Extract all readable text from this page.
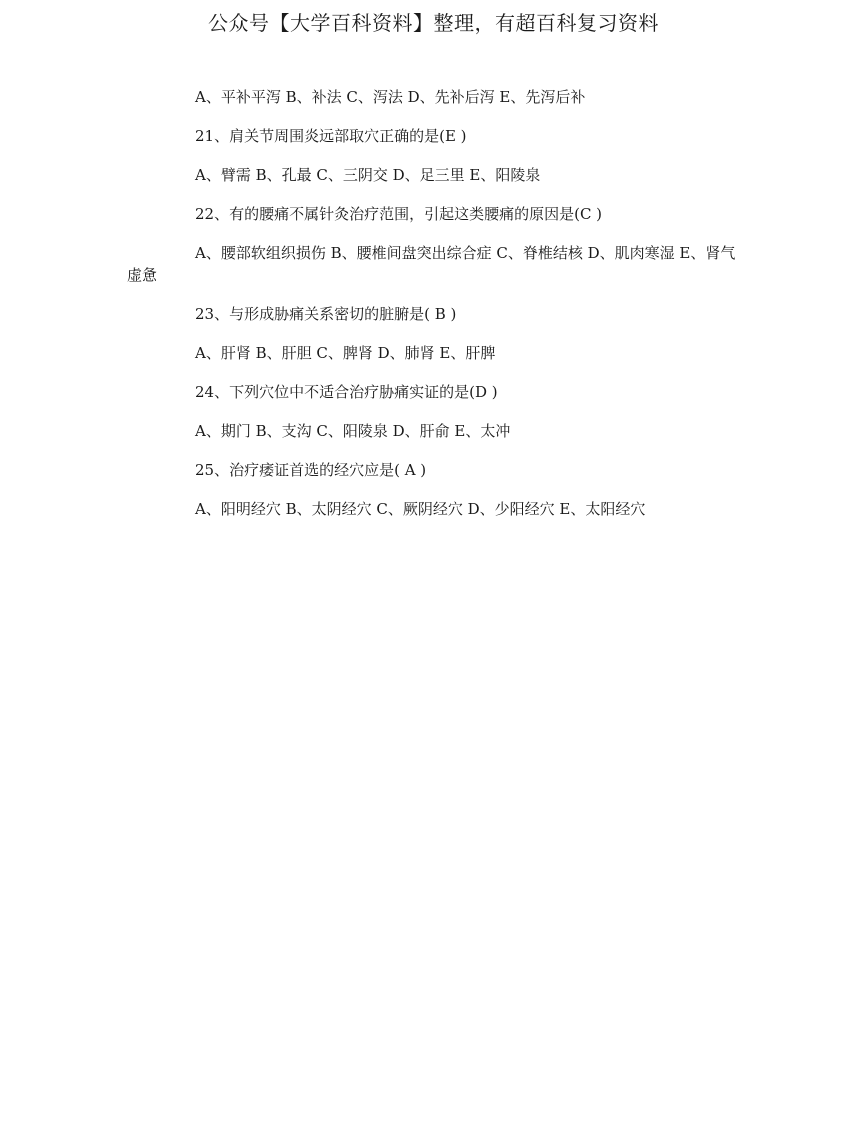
公众号【大学百科资料】整理，有超百科复习资料

A、平补平泻 B、补法 C、泻法 D、先补后泻 E、先泻后补

21、肩关节周围炎远部取穴正确的是(E )

A、臂需 B、孔最 C、三阴交 D、足三里 E、阳陵泉

22、有的腰痛不属针灸治疗范围，引起这类腰痛的原因是(C )

A、腰部软组织损伤 B、腰椎间盘突出综合症 C、脊椎结核 D、肌肉寒湿 E、肾气虚惫

23、与形成胁痛关系密切的脏腑是( B )

A、肝肾 B、肝胆 C、脾肾 D、肺肾 E、肝脾

24、下列穴位中不适合治疗胁痛实证的是(D )

A、期门 B、支沟 C、阳陵泉 D、肝俞 E、太冲

25、治疗痿证首选的经穴应是( A )

A、阳明经穴 B、太阴经穴 C、厥阴经穴 D、少阳经穴 E、太阳经穴
